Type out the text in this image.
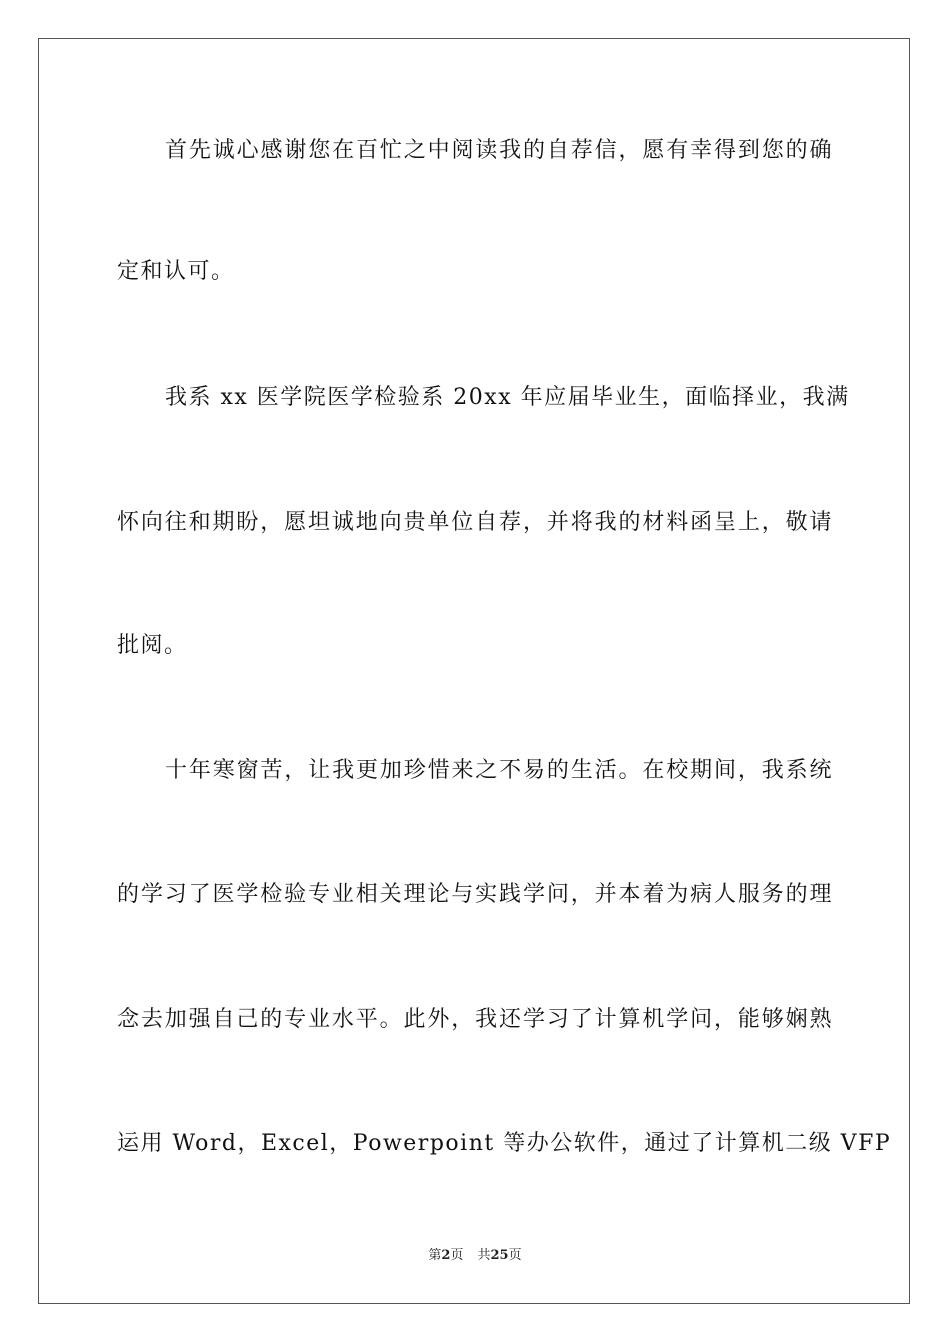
首先诚心感谢您在百忙之中阅读我的自荐信，愿有幸得到您的确
定和认可。
我系 xx 医学院医学检验系 20xx 年应届毕业生，面临择业，我满
怀向往和期盼，愿坦诚地向贵单位自荐，并将我的材料函呈上，敬请
批阅。
十年寒窗苦，让我更加珍惜来之不易的生活。在校期间，我系统
的学习了医学检验专业相关理论与实践学问，并本着为病人服务的理
念去加强自己的专业水平。此外，我还学习了计算机学问，能够娴熟
运用 Word，Excel，Powerpoint 等办公软件，通过了计算机二级 VFP
第2页 共25页
